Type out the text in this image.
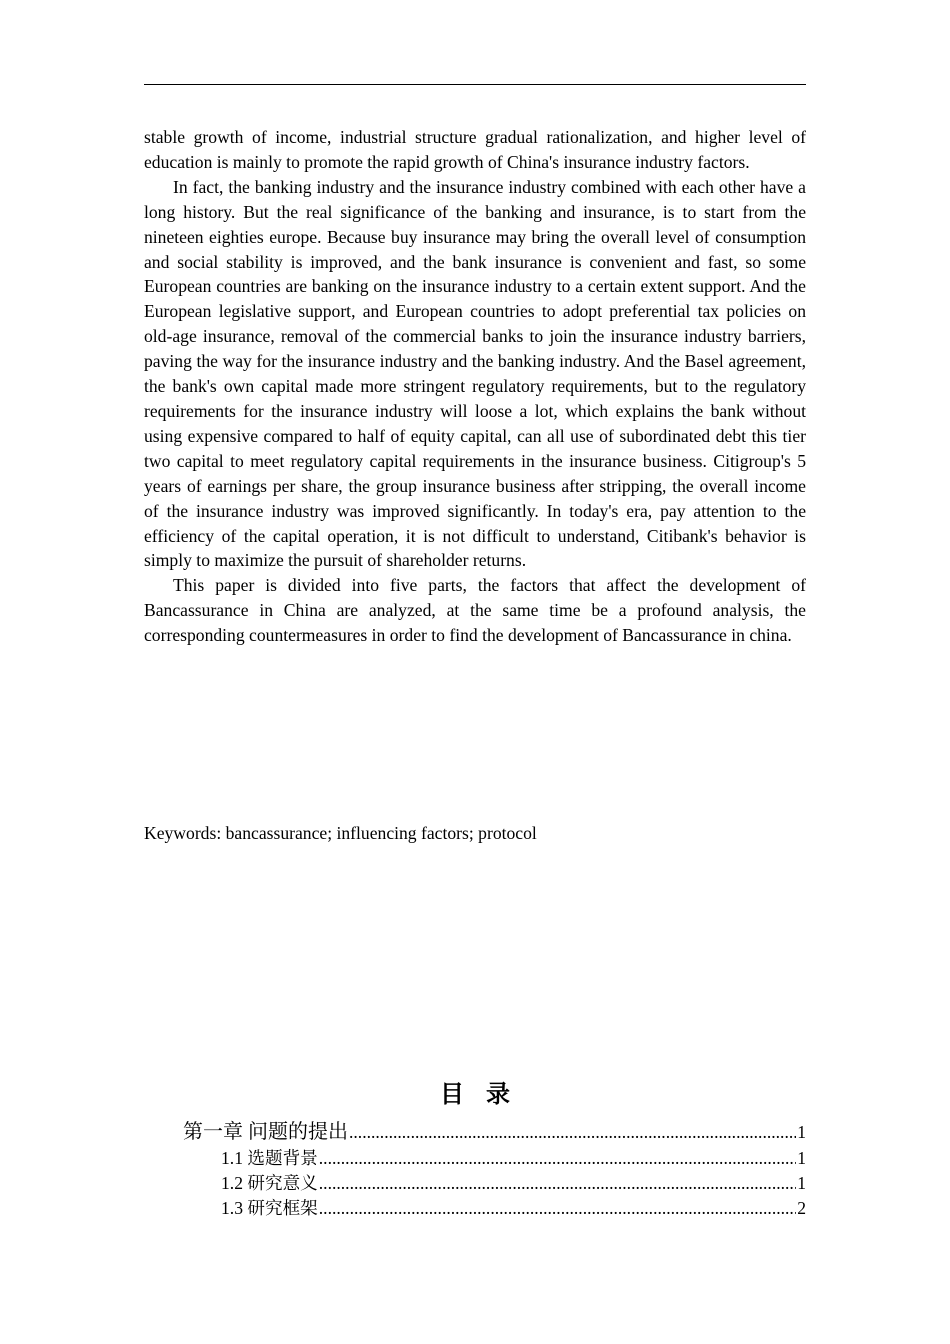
stable growth of income, industrial structure gradual rationalization, and higher level of education is mainly to promote the rapid growth of China's insurance industry factors.

In fact, the banking industry and the insurance industry combined with each other have a long history. But the real significance of the banking and insurance, is to start from the nineteen eighties europe. Because buy insurance may bring the overall level of consumption and social stability is improved, and the bank insurance is convenient and fast, so some European countries are banking on the insurance industry to a certain extent support. And the European legislative support, and European countries to adopt preferential tax policies on old-age insurance, removal of the commercial banks to join the insurance industry barriers, paving the way for the insurance industry and the banking industry. And the Basel agreement, the bank's own capital made more stringent regulatory requirements, but to the regulatory requirements for the insurance industry will loose a lot, which explains the bank without using expensive compared to half of equity capital, can all use of subordinated debt this tier two capital to meet regulatory capital requirements in the insurance business. Citigroup's 5 years of earnings per share, the group insurance business after stripping, the overall income of the insurance industry was improved significantly. In today's era, pay attention to the efficiency of the capital operation, it is not difficult to understand, Citibank's behavior is simply to maximize the pursuit of shareholder returns.

This paper is divided into five parts, the factors that affect the development of Bancassurance in China are analyzed, at the same time be a profound analysis, the corresponding countermeasures in order to find the development of Bancassurance in china.

Keywords: bancassurance; influencing factors; protocol

目录
第一章 问题的提出 .....	1
1.1 选题背景 .....	1
1.2 研究意义 .....	1
1.3 研究框架 .....	2
